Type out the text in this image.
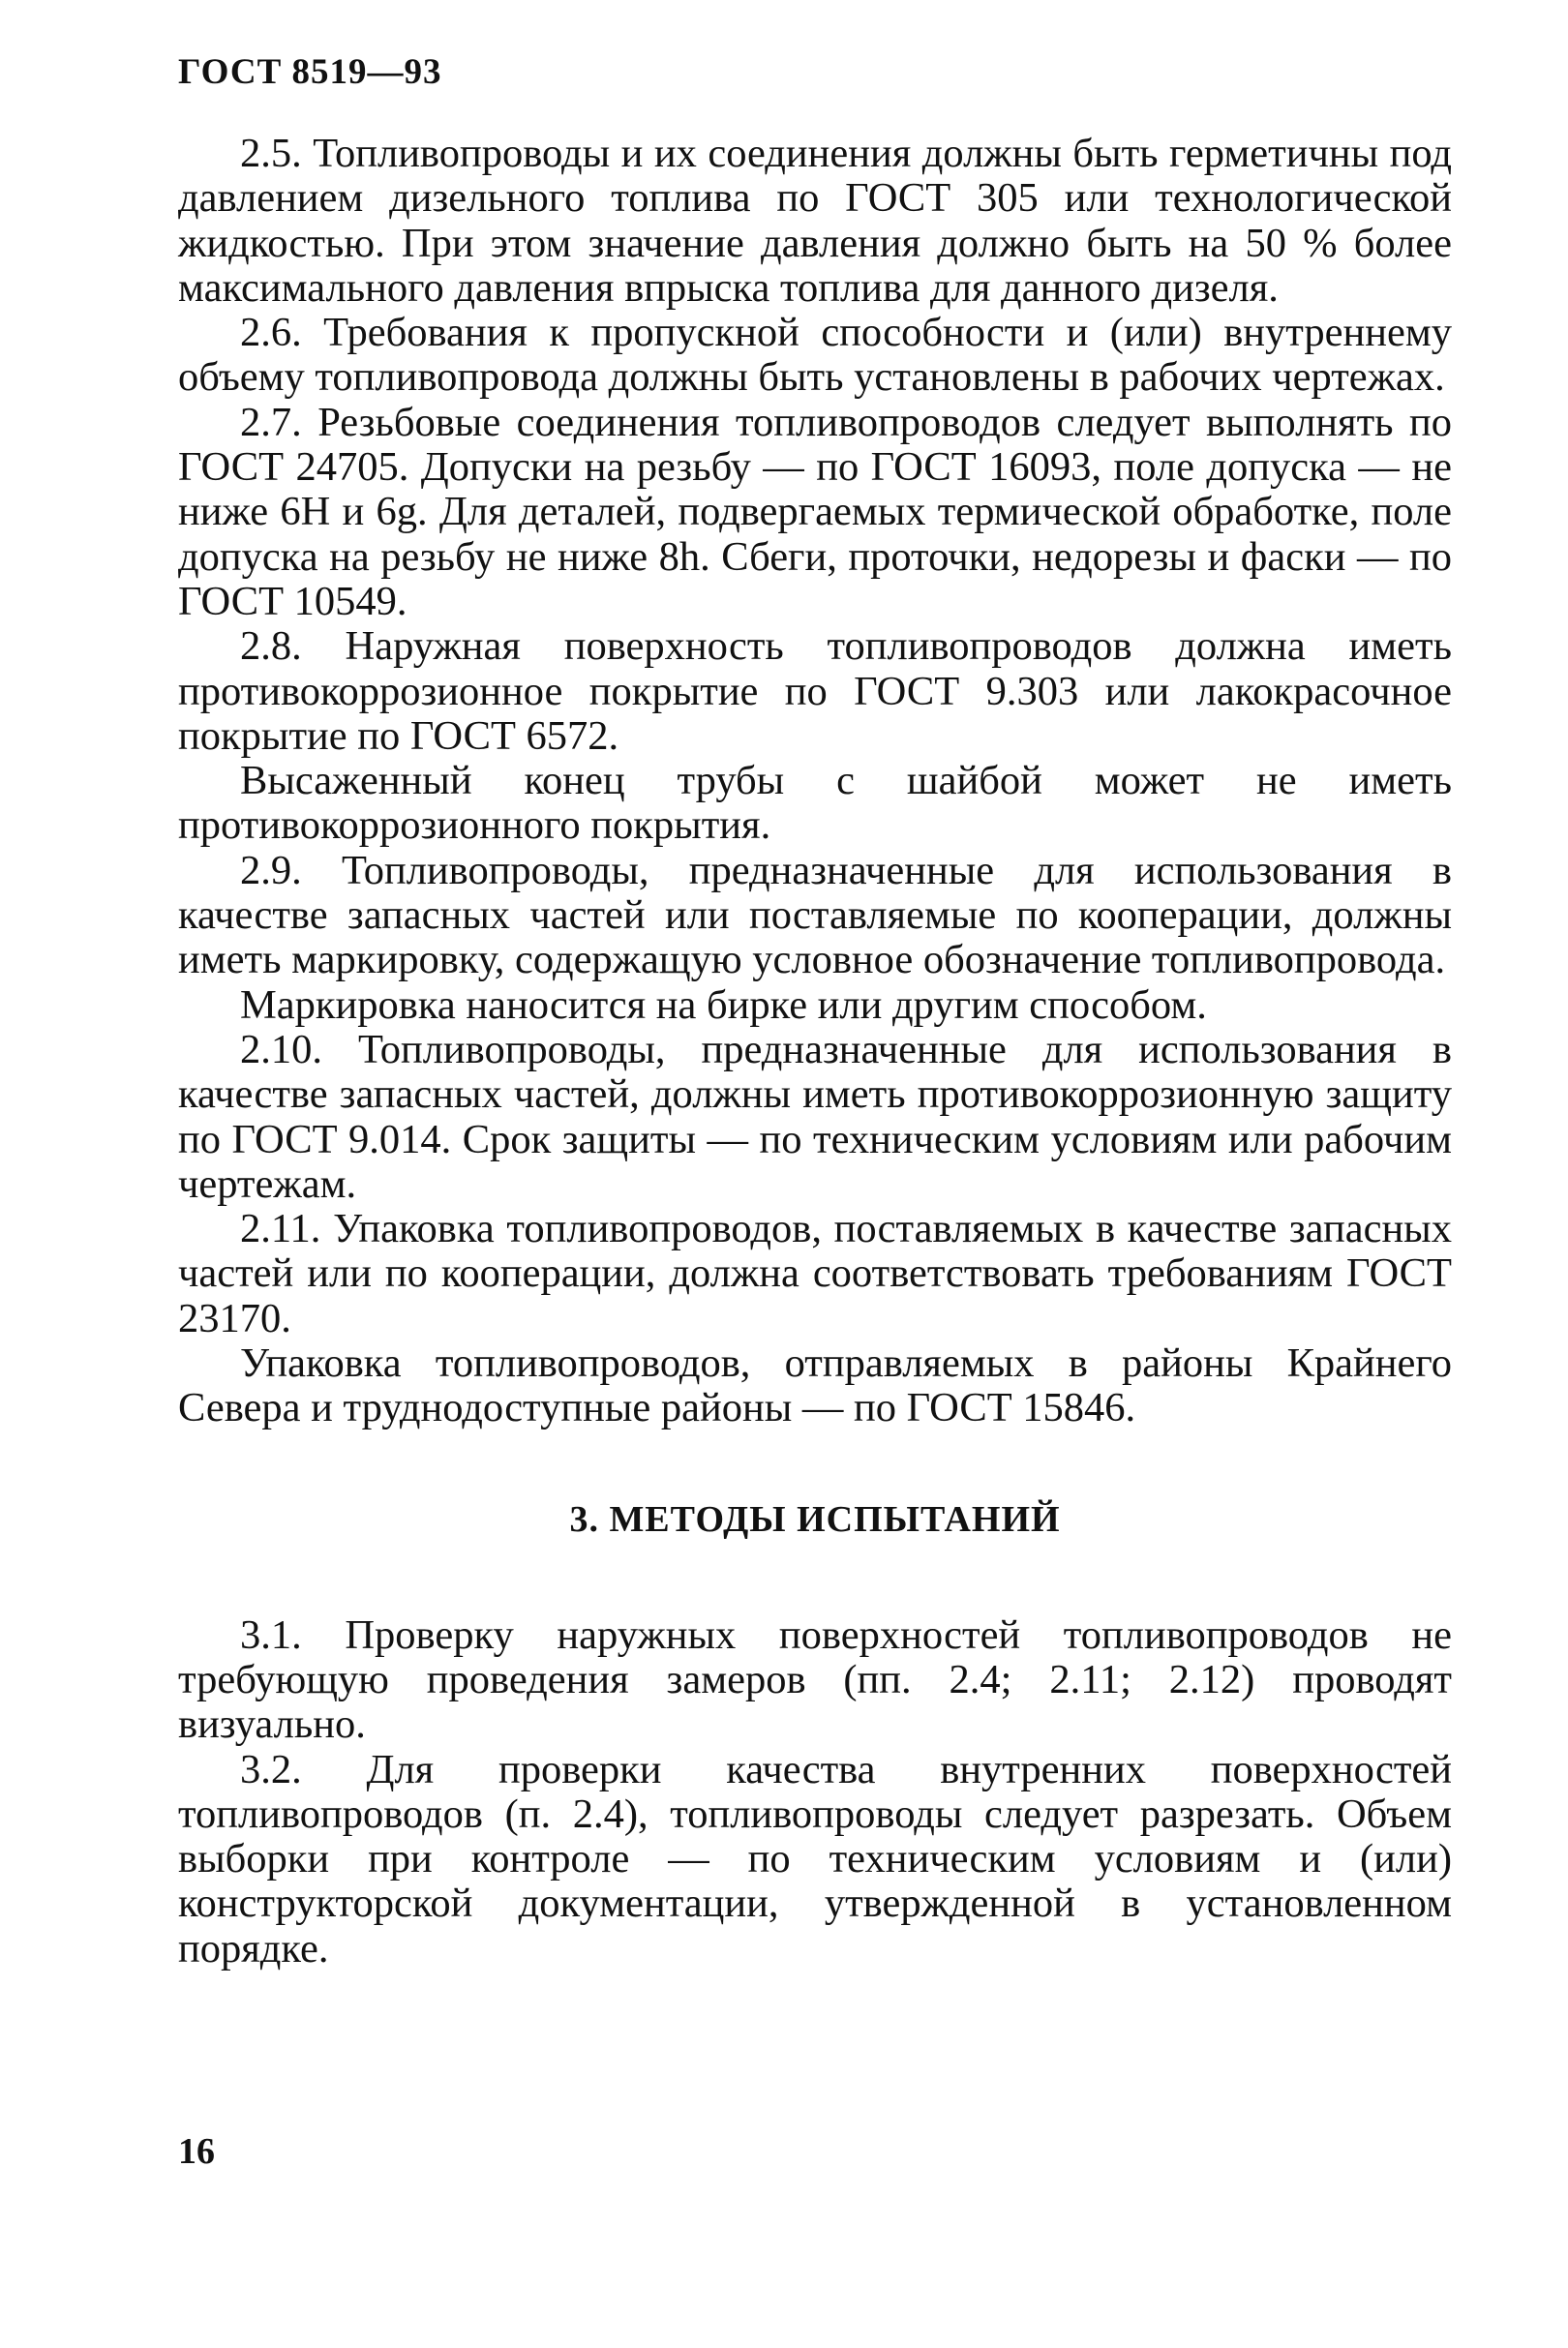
ГОСТ 8519—93

2.5. Топливопроводы и их соединения должны быть герметичны под давлением дизельного топлива по ГОСТ 305 или технологической жидкостью. При этом значение давления должно быть на 50 % более максимального давления впрыска топлива для данного дизеля.

2.6. Требования к пропускной способности и (или) внутреннему объему топливопровода должны быть установлены в рабочих чертежах.

2.7. Резьбовые соединения топливопроводов следует выполнять по ГОСТ 24705. Допуски на резьбу — по ГОСТ 16093, поле допуска — не ниже 6Н и 6g. Для деталей, подвергаемых термической обработке, поле допуска на резьбу не ниже 8h. Сбеги, проточки, недорезы и фаски — по ГОСТ 10549.

2.8. Наружная поверхность топливопроводов должна иметь противокоррозионное покрытие по ГОСТ 9.303 или лакокрасочное покрытие по ГОСТ 6572.

Высаженный конец трубы с шайбой может не иметь противокоррозионного покрытия.

2.9. Топливопроводы, предназначенные для использования в качестве запасных частей или поставляемые по кооперации, должны иметь маркировку, содержащую условное обозначение топливопровода.

Маркировка наносится на бирке или другим способом.

2.10. Топливопроводы, предназначенные для использования в качестве запасных частей, должны иметь противокоррозионную защиту по ГОСТ 9.014. Срок защиты — по техническим условиям или рабочим чертежам.

2.11. Упаковка топливопроводов, поставляемых в качестве запасных частей или по кооперации, должна соответствовать требованиям ГОСТ 23170.

Упаковка топливопроводов, отправляемых в районы Крайнего Севера и труднодоступные районы — по ГОСТ 15846.

3. МЕТОДЫ ИСПЫТАНИЙ

3.1. Проверку наружных поверхностей топливопроводов не требующую проведения замеров (пп. 2.4; 2.11; 2.12) проводят визуально.

3.2. Для проверки качества внутренних поверхностей топливопроводов (п. 2.4), топливопроводы следует разрезать. Объем выборки при контроле — по техническим условиям и (или) конструкторской документации, утвержденной в установленном порядке.

16
